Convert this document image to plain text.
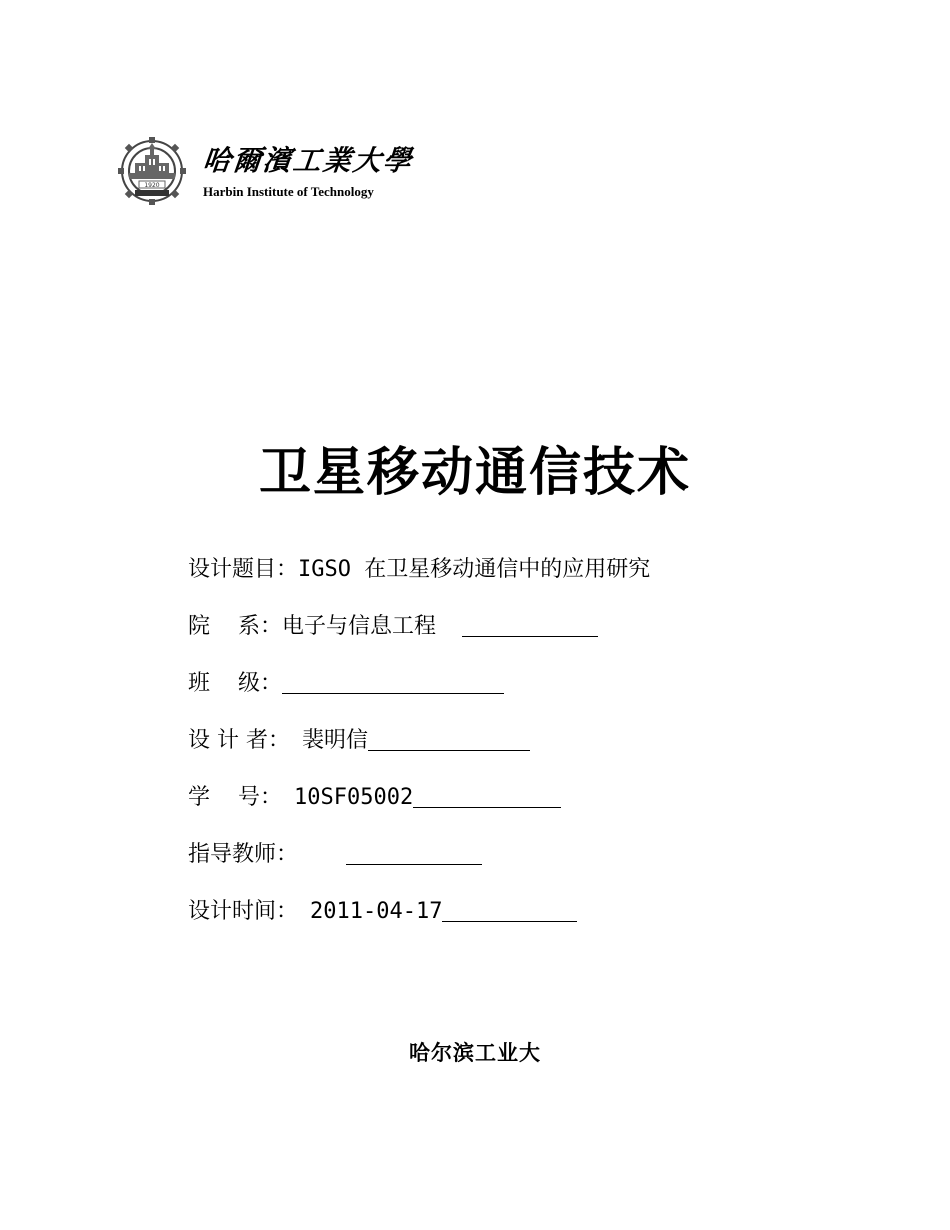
1920
哈爾濱工業大學
Harbin Institute of Technology
卫星移动通信技术
设计题目： IGSO 在卫星移动通信中的应用研究
院    系： 电子与信息工程
班    级：
设 计 者： 裴明信
学    号： 10SF05002
指导教师：
设计时间： 2011-04-17
哈尔滨工业大
